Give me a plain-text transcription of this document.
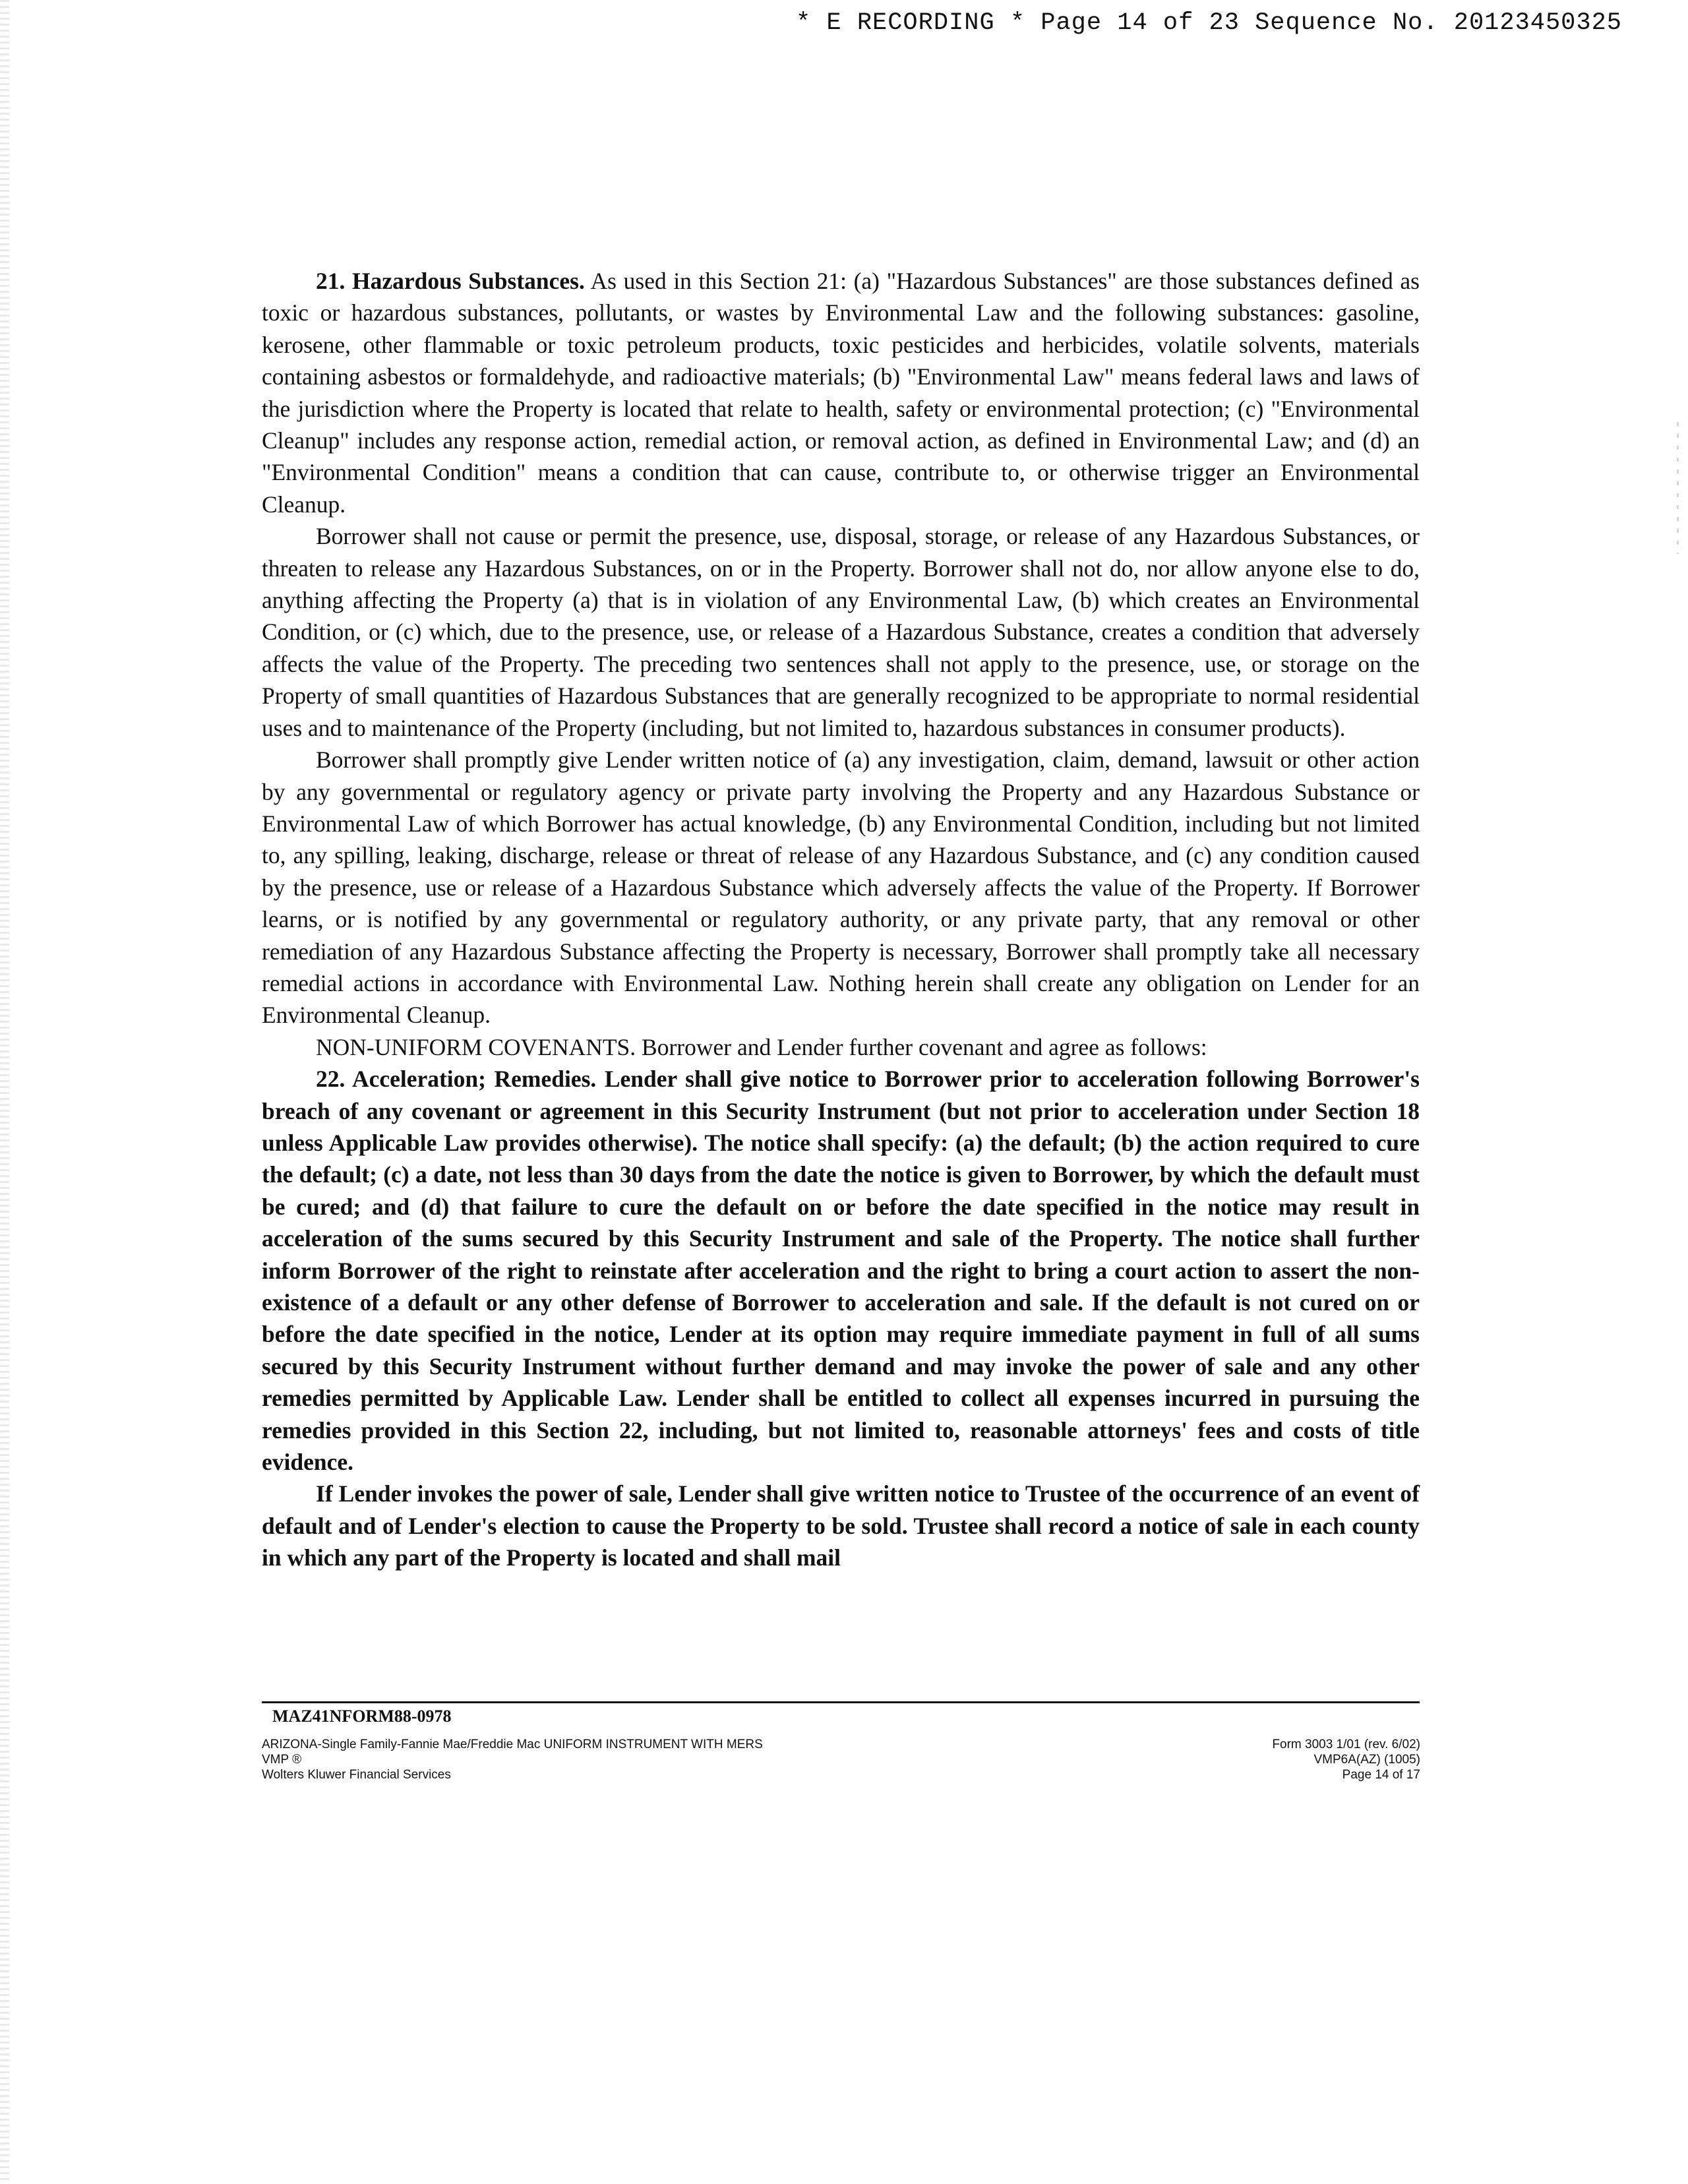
* E RECORDING * Page 14 of 23 Sequence No. 20123450325

21. Hazardous Substances. As used in this Section 21: (a) "Hazardous Substances" are those substances defined as toxic or hazardous substances, pollutants, or wastes by Environmental Law and the following substances: gasoline, kerosene, other flammable or toxic petroleum products, toxic pesticides and herbicides, volatile solvents, materials containing asbestos or formaldehyde, and radioactive materials; (b) "Environmental Law" means federal laws and laws of the jurisdiction where the Property is located that relate to health, safety or environmental protection; (c) "Environmental Cleanup" includes any response action, remedial action, or removal action, as defined in Environmental Law; and (d) an "Environmental Condition" means a condition that can cause, contribute to, or otherwise trigger an Environmental Cleanup.

Borrower shall not cause or permit the presence, use, disposal, storage, or release of any Hazardous Substances, or threaten to release any Hazardous Substances, on or in the Property. Borrower shall not do, nor allow anyone else to do, anything affecting the Property (a) that is in violation of any Environmental Law, (b) which creates an Environmental Condition, or (c) which, due to the presence, use, or release of a Hazardous Substance, creates a condition that adversely affects the value of the Property. The preceding two sentences shall not apply to the presence, use, or storage on the Property of small quantities of Hazardous Substances that are generally recognized to be appropriate to normal residential uses and to maintenance of the Property (including, but not limited to, hazardous substances in consumer products).

Borrower shall promptly give Lender written notice of (a) any investigation, claim, demand, lawsuit or other action by any governmental or regulatory agency or private party involving the Property and any Hazardous Substance or Environmental Law of which Borrower has actual knowledge, (b) any Environmental Condition, including but not limited to, any spilling, leaking, discharge, release or threat of release of any Hazardous Substance, and (c) any condition caused by the presence, use or release of a Hazardous Substance which adversely affects the value of the Property. If Borrower learns, or is notified by any governmental or regulatory authority, or any private party, that any removal or other remediation of any Hazardous Substance affecting the Property is necessary, Borrower shall promptly take all necessary remedial actions in accordance with Environmental Law. Nothing herein shall create any obligation on Lender for an Environmental Cleanup.

NON-UNIFORM COVENANTS. Borrower and Lender further covenant and agree as follows:

22. Acceleration; Remedies. Lender shall give notice to Borrower prior to acceleration following Borrower's breach of any covenant or agreement in this Security Instrument (but not prior to acceleration under Section 18 unless Applicable Law provides otherwise). The notice shall specify: (a) the default; (b) the action required to cure the default; (c) a date, not less than 30 days from the date the notice is given to Borrower, by which the default must be cured; and (d) that failure to cure the default on or before the date specified in the notice may result in acceleration of the sums secured by this Security Instrument and sale of the Property. The notice shall further inform Borrower of the right to reinstate after acceleration and the right to bring a court action to assert the non-existence of a default or any other defense of Borrower to acceleration and sale. If the default is not cured on or before the date specified in the notice, Lender at its option may require immediate payment in full of all sums secured by this Security Instrument without further demand and may invoke the power of sale and any other remedies permitted by Applicable Law. Lender shall be entitled to collect all expenses incurred in pursuing the remedies provided in this Section 22, including, but not limited to, reasonable attorneys' fees and costs of title evidence.

If Lender invokes the power of sale, Lender shall give written notice to Trustee of the occurrence of an event of default and of Lender's election to cause the Property to be sold. Trustee shall record a notice of sale in each county in which any part of the Property is located and shall mail

MAZ41NFORM88-0978
ARIZONA-Single Family-Fannie Mae/Freddie Mac UNIFORM INSTRUMENT WITH MERS
VMP ®
Wolters Kluwer Financial Services
Form 3003 1/01 (rev. 6/02)
VMP6A(AZ) (1005)
Page 14 of 17
